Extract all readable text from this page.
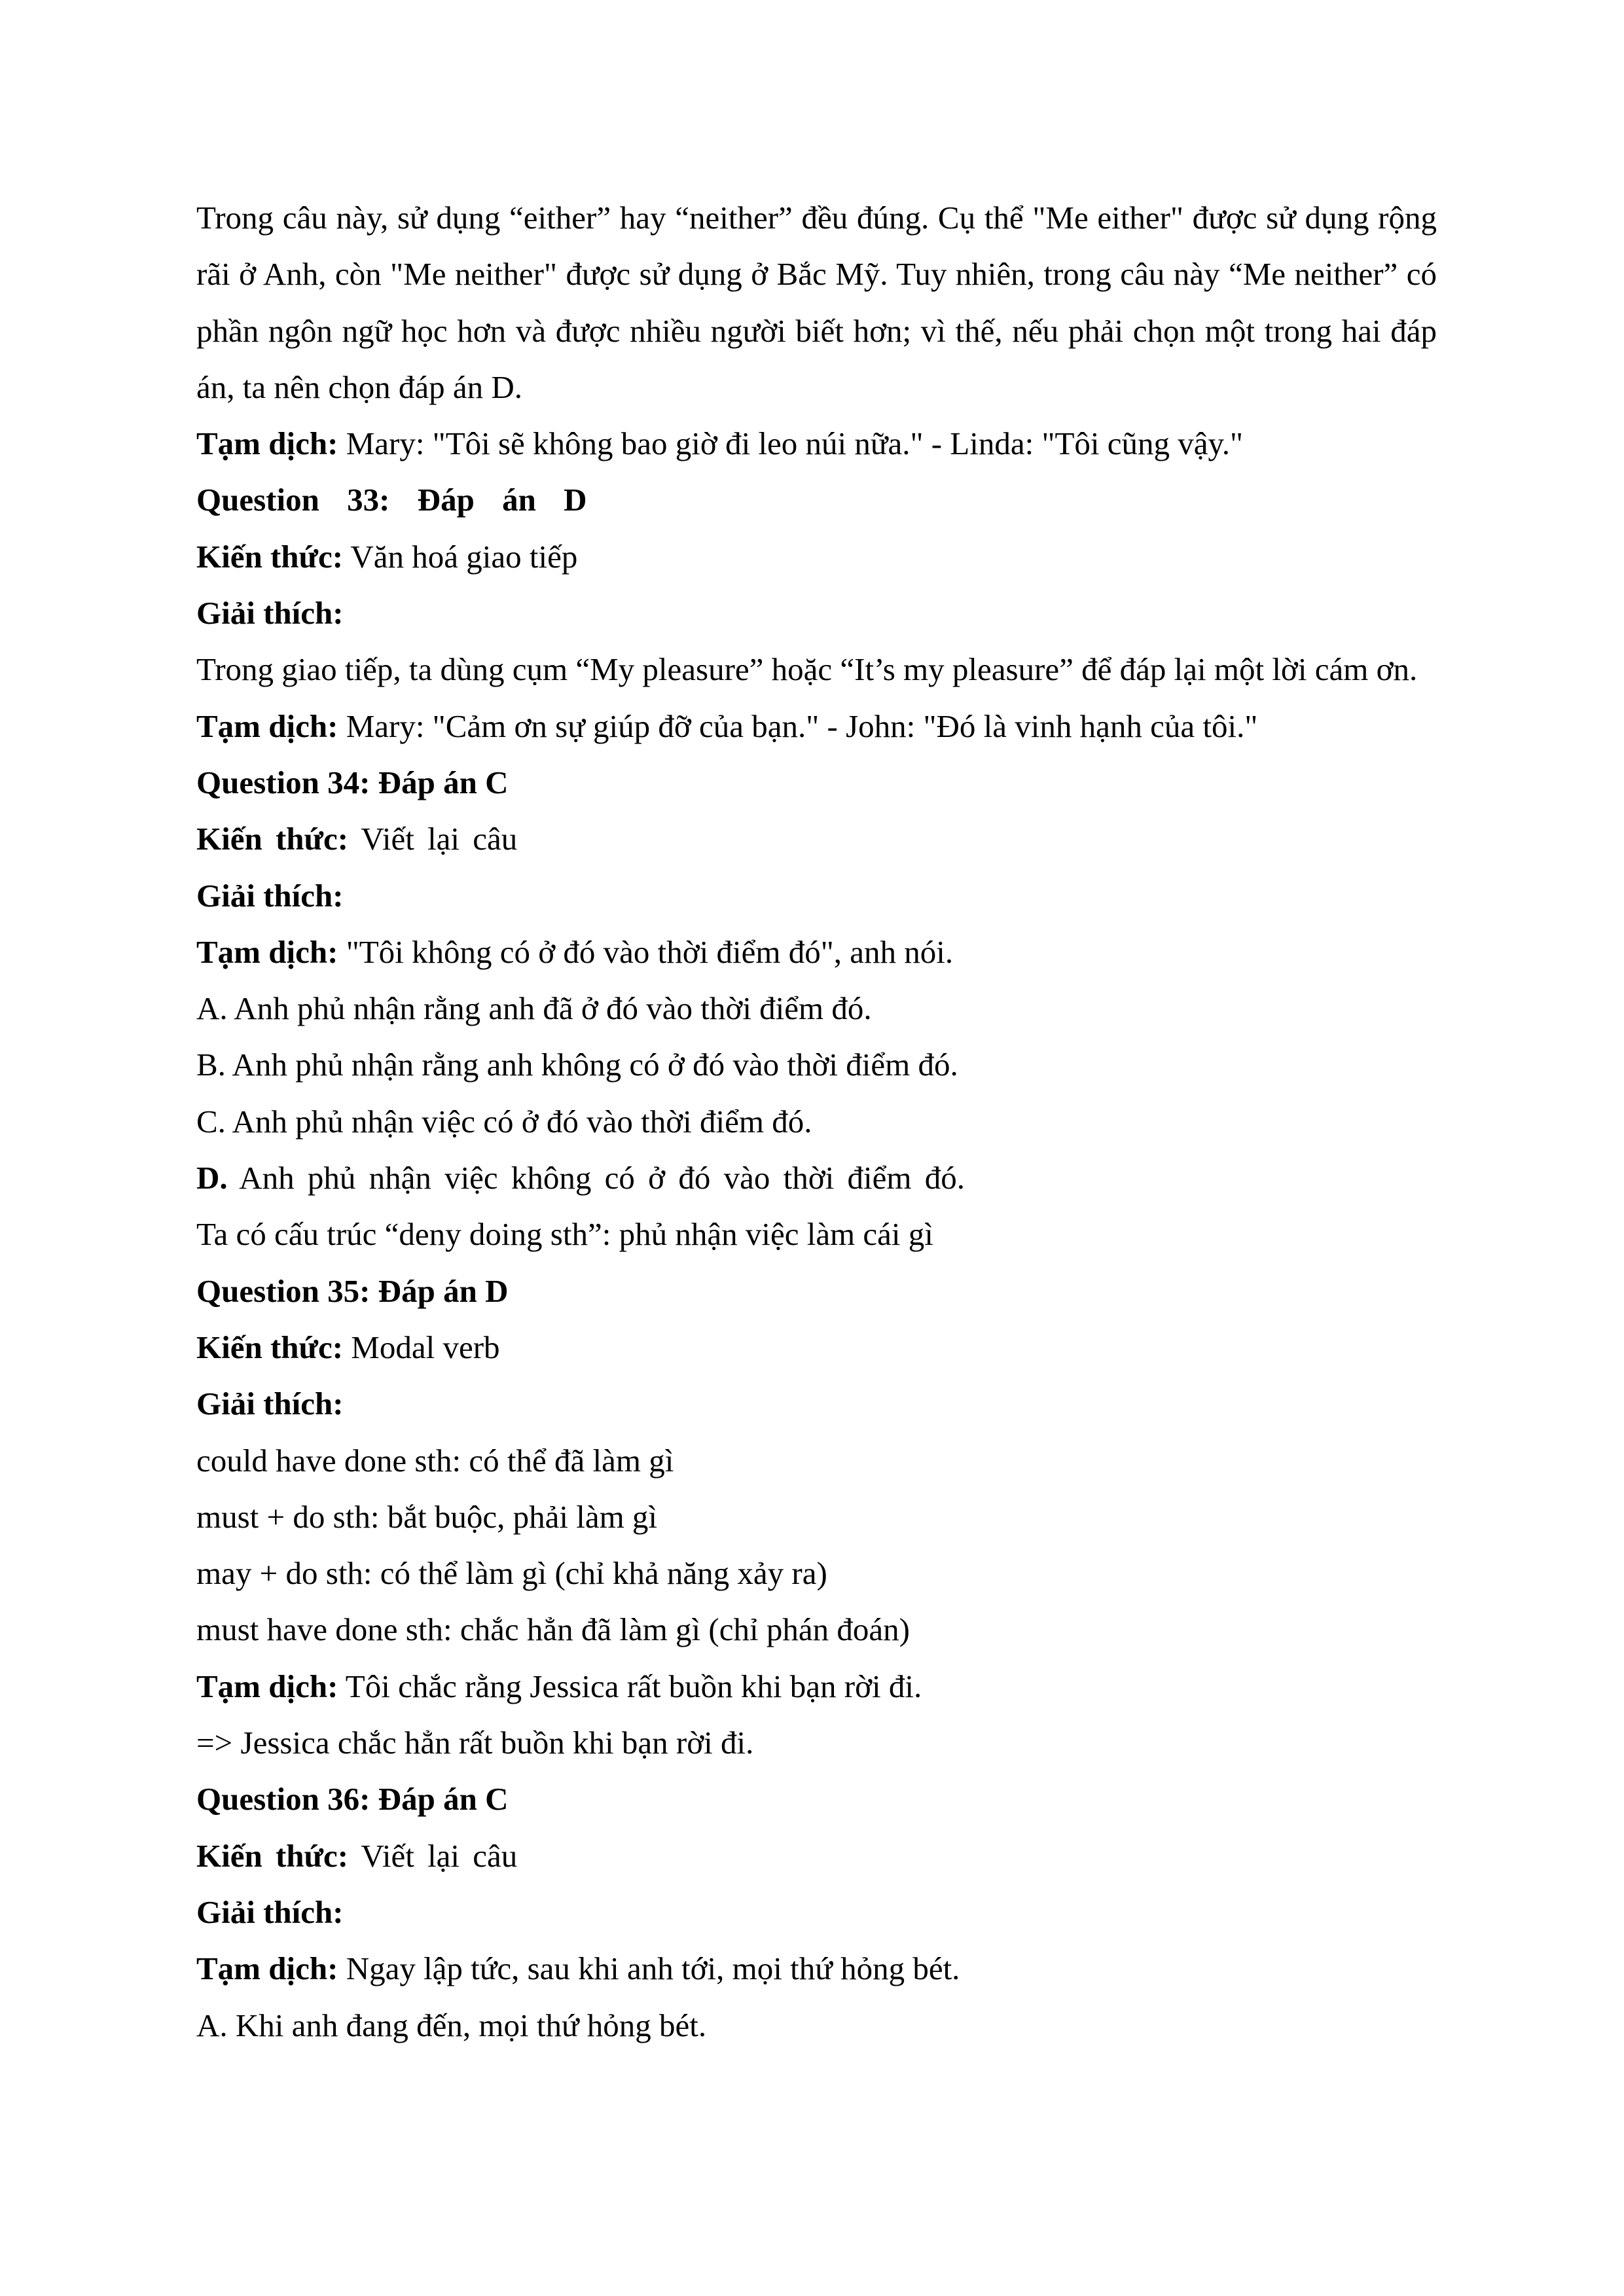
Trong câu này, sử dụng “either” hay “neither” đều đúng. Cụ thể "Me either" được sử dụng rộng rãi ở Anh, còn "Me neither" được sử dụng ở Bắc Mỹ. Tuy nhiên, trong câu này “Me neither” có phần ngôn ngữ học hơn và được nhiều người biết hơn; vì thế, nếu phải chọn một trong hai đáp án, ta nên chọn đáp án D.
Tạm dịch: Mary: "Tôi sẽ không bao giờ đi leo núi nữa." - Linda: "Tôi cũng vậy."
Question 33: Đáp án D
Kiến thức: Văn hoá giao tiếp
Giải thích:
Trong giao tiếp, ta dùng cụm “My pleasure” hoặc “It’s my pleasure” để đáp lại một lời cám ơn.
Tạm dịch: Mary: "Cảm ơn sự giúp đỡ của bạn." - John: "Đó là vinh hạnh của tôi."
Question 34: Đáp án C
Kiến thức: Viết lại câu
Giải thích:
Tạm dịch: "Tôi không có ở đó vào thời điểm đó", anh nói.
A. Anh phủ nhận rằng anh đã ở đó vào thời điểm đó.
B. Anh phủ nhận rằng anh không có ở đó vào thời điểm đó.
C. Anh phủ nhận việc có ở đó vào thời điểm đó.
D. Anh phủ nhận việc không có ở đó vào thời điểm đó.
Ta có cấu trúc “deny doing sth”: phủ nhận việc làm cái gì
Question 35: Đáp án D
Kiến thức: Modal verb
Giải thích:
could have done sth: có thể đã làm gì
must + do sth: bắt buộc, phải làm gì
may + do sth: có thể làm gì (chỉ khả năng xảy ra)
must have done sth: chắc hẳn đã làm gì (chỉ phán đoán)
Tạm dịch: Tôi chắc rằng Jessica rất buồn khi bạn rời đi.
=> Jessica chắc hẳn rất buồn khi bạn rời đi.
Question 36: Đáp án C
Kiến thức: Viết lại câu
Giải thích:
Tạm dịch: Ngay lập tức, sau khi anh tới, mọi thứ hỏng bét.
A. Khi anh đang đến, mọi thứ hỏng bét.
